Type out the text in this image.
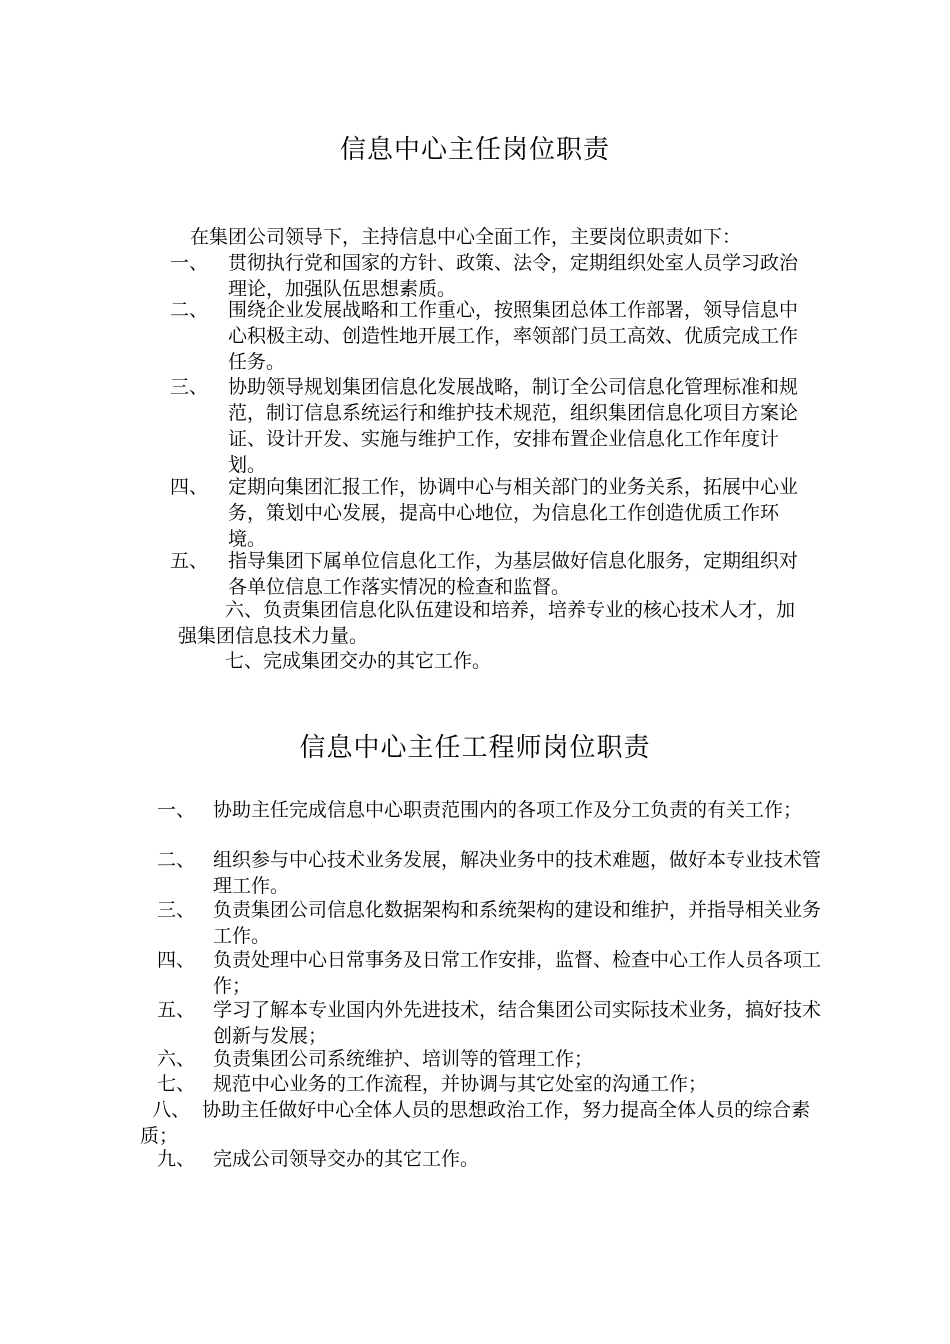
信息中心主任岗位职责
在集团公司领导下，主持信息中心全面工作，主要岗位职责如下：
一、 贯彻执行党和国家的方针、政策、法令，定期组织处室人员学习政治理论，加强队伍思想素质。
二、 围绕企业发展战略和工作重心，按照集团总体工作部署，领导信息中心积极主动、创造性地开展工作，率领部门员工高效、优质完成工作任务。
三、 协助领导规划集团信息化发展战略，制订全公司信息化管理标准和规范，制订信息系统运行和维护技术规范，组织集团信息化项目方案论证、设计开发、实施与维护工作，安排布置企业信息化工作年度计划。
四、 定期向集团汇报工作，协调中心与相关部门的业务关系，拓展中心业务，策划中心发展，提高中心地位，为信息化工作创造优质工作环境。
五、 指导集团下属单位信息化工作，为基层做好信息化服务，定期组织对各单位信息工作落实情况的检查和监督。
六、负责集团信息化队伍建设和培养，培养专业的核心技术人才，加强集团信息技术力量。
七、完成集团交办的其它工作。
信息中心主任工程师岗位职责
一、 协助主任完成信息中心职责范围内的各项工作及分工负责的有关工作；
二、 组织参与中心技术业务发展，解决业务中的技术难题，做好本专业技术管理工作。
三、 负责集团公司信息化数据架构和系统架构的建设和维护，并指导相关业务工作。
四、 负责处理中心日常事务及日常工作安排，监督、检查中心工作人员各项工作；
五、 学习了解本专业国内外先进技术，结合集团公司实际技术业务，搞好技术创新与发展；
六、 负责集团公司系统维护、培训等的管理工作；
七、 规范中心业务的工作流程，并协调与其它处室的沟通工作；
八、  协助主任做好中心全体人员的思想政治工作，努力提高全体人员的综合素质；
九、 完成公司领导交办的其它工作。
